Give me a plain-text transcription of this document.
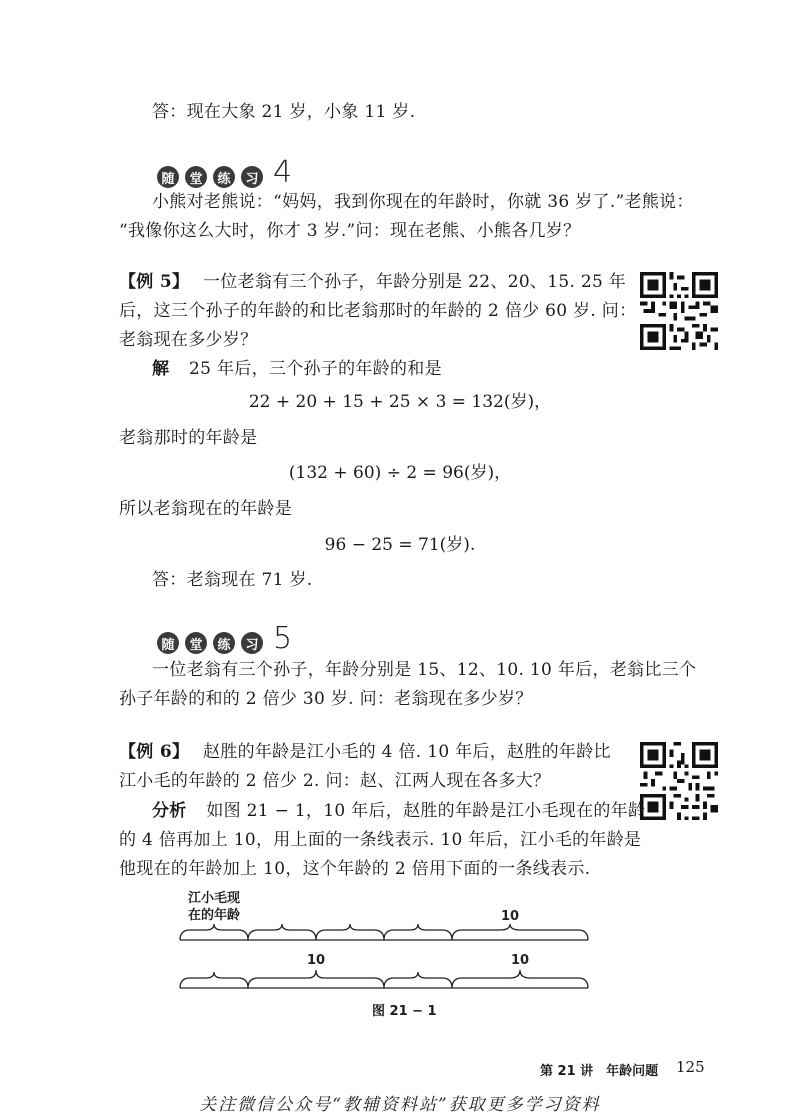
答：现在大象 21 岁，小象 11 岁.
随	堂	练	习 4
小熊对老熊说：“妈妈，我到你现在的年龄时，你就 36 岁了.”老熊说：
“我像你这么大时，你才 3 岁.”问：现在老熊、小熊各几岁？
【例 5】 一位老翁有三个孙子，年龄分别是 22、20、15. 25 年
后，这三个孙子的年龄的和比老翁那时的年龄的 2 倍少 60 岁. 问：
老翁现在多少岁？
解 25 年后，三个孙子的年龄的和是
22 + 20 + 15 + 25 × 3 = 132(岁)，
老翁那时的年龄是
(132 + 60) ÷ 2 = 96(岁)，
所以老翁现在的年龄是
96 − 25 = 71(岁).
答：老翁现在 71 岁.
随	堂	练	习 5
一位老翁有三个孙子，年龄分别是 15、12、10. 10 年后，老翁比三个
孙子年龄的和的 2 倍少 30 岁. 问：老翁现在多少岁？
【例 6】 赵胜的年龄是江小毛的 4 倍. 10 年后，赵胜的年龄比
江小毛的年龄的 2 倍少 2. 问：赵、江两人现在各多大？
分析 如图 21 − 1，10 年后，赵胜的年龄是江小毛现在的年龄
的 4 倍再加上 10，用上面的一条线表示. 10 年后，江小毛的年龄是
他现在的年龄加上 10，这个年龄的 2 倍用下面的一条线表示.
江小毛现
在的年龄	10
10	10
图 21 − 1
第 21 讲　年龄问题 125
关注微信公众号“教辅资料站”获取更多学习资料
